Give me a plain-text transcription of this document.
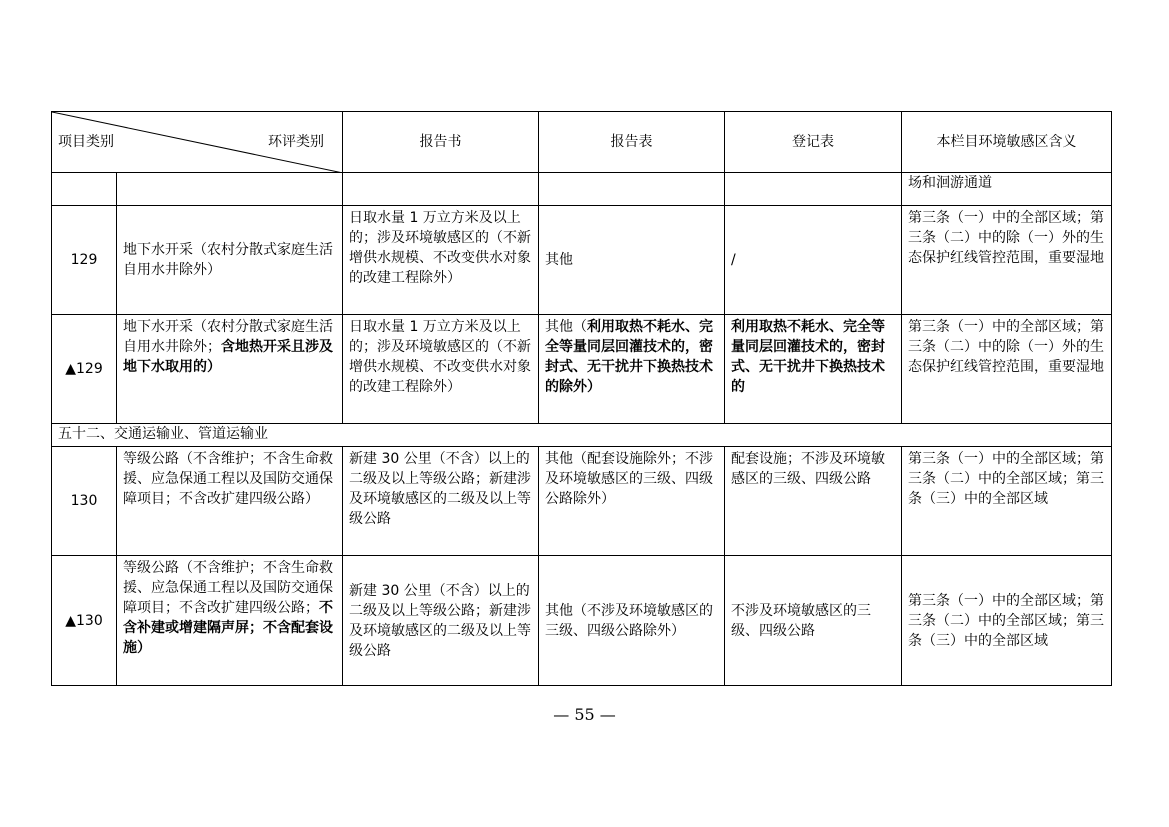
项目类别 环评类别		报告书	报告表	登记表	本栏目环境敏感区含义
					场和洄游通道
129	地下水开采（农村分散式家庭生活自用水井除外）	日取水量 1 万立方米及以上的；涉及环境敏感区的（不新增供水规模、不改变供水对象的改建工程除外）	其他	/	第三条（一）中的全部区域；第三条（二）中的除（一）外的生态保护红线管控范围，重要湿地
▲129	地下水开采（农村分散式家庭生活自用水井除外；含地热开采且涉及地下水取用的）	日取水量 1 万立方米及以上的；涉及环境敏感区的（不新增供水规模、不改变供水对象的改建工程除外）	其他（利用取热不耗水、完全等量同层回灌技术的，密封式、无干扰井下换热技术的除外）	利用取热不耗水、完全等量同层回灌技术的，密封式、无干扰井下换热技术的	第三条（一）中的全部区域；第三条（二）中的除（一）外的生态保护红线管控范围，重要湿地
五十二、交通运输业、管道运输业					
130	等级公路（不含维护；不含生命救援、应急保通工程以及国防交通保障项目；不含改扩建四级公路）	新建 30 公里（不含）以上的二级及以上等级公路；新建涉及环境敏感区的二级及以上等级公路	其他（配套设施除外；不涉及环境敏感区的三级、四级公路除外）	配套设施；不涉及环境敏感区的三级、四级公路	第三条（一）中的全部区域；第三条（二）中的全部区域；第三条（三）中的全部区域
▲130	等级公路（不含维护；不含生命救援、应急保通工程以及国防交通保障项目；不含改扩建四级公路；不含补建或增建隔声屏；不含配套设施）	新建 30 公里（不含）以上的二级及以上等级公路；新建涉及环境敏感区的二级及以上等级公路	其他（不涉及环境敏感区的三级、四级公路除外）	不涉及环境敏感区的三级、四级公路	第三条（一）中的全部区域；第三条（二）中的全部区域；第三条（三）中的全部区域
— 55 —
